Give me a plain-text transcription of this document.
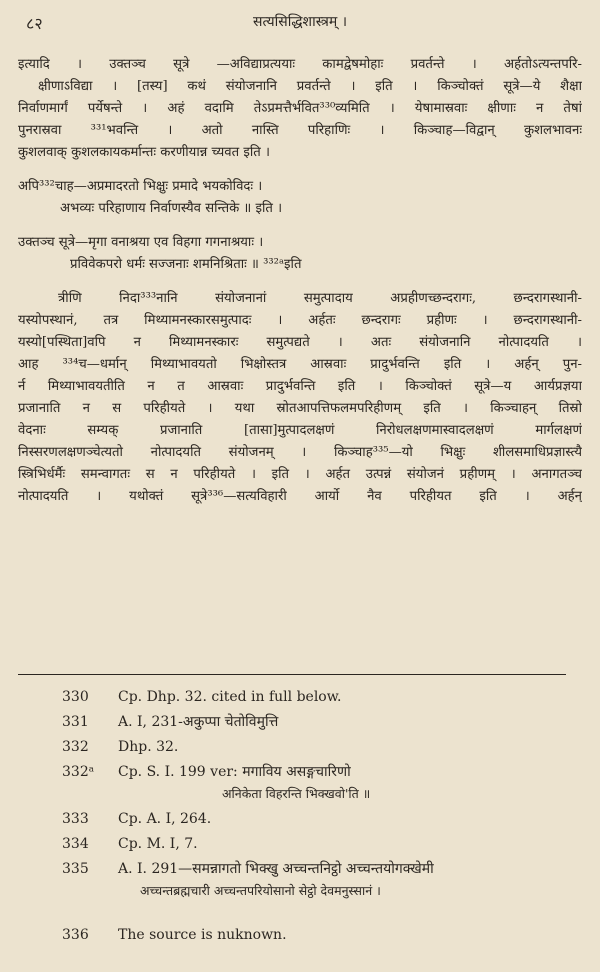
८२	सत्यसिद्धिशास्त्रम् ।
इत्यादि । उक्तञ्च सूत्रे —अविद्याप्रत्ययाः कामद्वेषमोहाः प्रवर्तन्ते । अर्हतोऽत्यन्तपरि-
क्षीणाऽविद्या । [तस्य] कथं संयोजनानि प्रवर्तन्ते । इति । किञ्चोक्तं सूत्रे—ये शैक्षा
निर्वाणमार्गं पर्येषन्ते । अहं वदामि तेऽप्रमत्तैर्भवित³³⁰व्यमिति । येषामास्रवाः क्षीणाः न तेषां
पुनरास्रवा ³³¹भवन्ति । अतो नास्ति परिहाणिः । किञ्चाह—विद्वान् कुशलभावनः
कुशलवाक् कुशलकायकर्मान्तः करणीयान्न च्यवत इति ।
अपि³³²चाह—अप्रमादरतो भिक्षुः प्रमादे भयकोविदः ।
अभव्यः परिहाणाय निर्वाणस्यैव सन्तिके ॥ इति ।
उक्तञ्च सूत्रे—मृगा वनाश्रया एव विहगा गगनाश्रयाः ।
प्रविवेकपरो धर्मः सज्जनाः शमनिश्रिताः ॥ ³³²ᵃइति
त्रीणि निदा³³³नानि संयोजनानां समुत्पादाय अप्रहीणच्छन्दरागः, छन्दरागस्थानी-
यस्योपस्थानं, तत्र मिथ्यामनस्कारसमुत्पादः । अर्हतः छन्दरागः प्रहीणः । छन्दरागस्थानी-
यस्यो[पस्थिता]वपि न मिथ्यामनस्कारः समुत्पद्यते । अतः संयोजनानि नोत्पादयति ।
आह ³³⁴च—धर्मान् मिथ्याभावयतो भिक्षोस्तत्र आस्रवाः प्रादुर्भवन्ति इति । अर्हन् पुन-
र्न मिथ्याभावयतीति न त आस्रवाः प्रादुर्भवन्ति इति । किञ्चोक्तं सूत्रे—य आर्यप्रज्ञया
प्रजानाति न स परिहीयते । यथा स्रोतआपत्तिफलमपरिहीणम् इति । किञ्चाहन् तिस्रो
वेदनाः सम्यक् प्रजानाति [तासा]मुत्पादलक्षणं निरोधलक्षणमास्वादलक्षणं मार्गलक्षणं
निस्सरणलक्षणञ्चेत्यतो नोत्पादयति संयोजनम् । किञ्चाह³³⁵—यो भिक्षुः शीलसमाधिप्रज्ञास्त्यै
स्त्रिभिर्धर्मैः समन्वागतः स न परिहीयते । इति । अर्हत उत्पन्नं संयोजनं प्रहीणम् । अनागतञ्च
नोत्पादयति । यथोक्तं सूत्रे³³⁶—सत्यविहारी आर्यो नैव परिहीयत इति । अर्हन्
330	Cp. Dhp. 32. cited in full below.
331	A. I, 231-अकुप्पा चेतोविमुत्ति
332	Dhp. 32.
332ᵃ	Cp. S. I. 199 ver: मगाविय असङ्गचारिणो
अनिकेता विहरन्ति भिक्खवो'ति ॥
333	Cp. A. I, 264.
334	Cp. M. I, 7.
335	A. I. 291—समन्नागतो भिक्खु अच्चन्तनिट्ठो अच्चन्तयोगक्खेमी
अच्चन्तब्रह्मचारी अच्चन्तपरियोसानो सेट्ठो देवमनुस्सानं ।
336	The source is nuknown.
